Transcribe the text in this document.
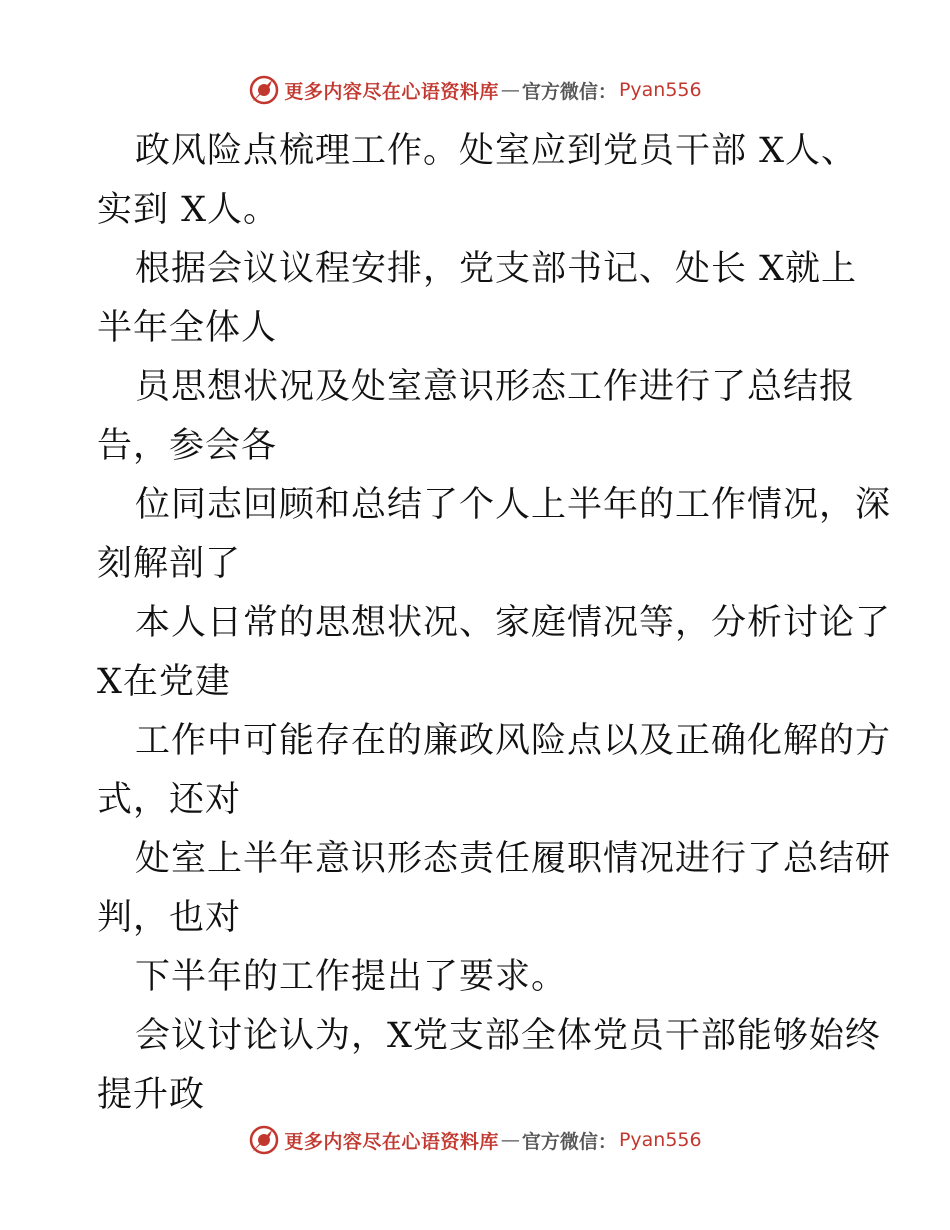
更多内容尽在心语资料库 — 官方微信： Pyan556
政风险点梳理工作。处室应到党员干部 X人、
实到 X人。
根据会议议程安排，党支部书记、处长 X就上
半年全体人
员思想状况及处室意识形态工作进行了总结报
告，参会各
位同志回顾和总结了个人上半年的工作情况，深
刻解剖了
本人日常的思想状况、家庭情况等，分析讨论了
X在党建
工作中可能存在的廉政风险点以及正确化解的方
式，还对
处室上半年意识形态责任履职情况进行了总结研
判，也对
下半年的工作提出了要求。
会议讨论认为，X党支部全体党员干部能够始终
提升政
更多内容尽在心语资料库 — 官方微信： Pyan556
